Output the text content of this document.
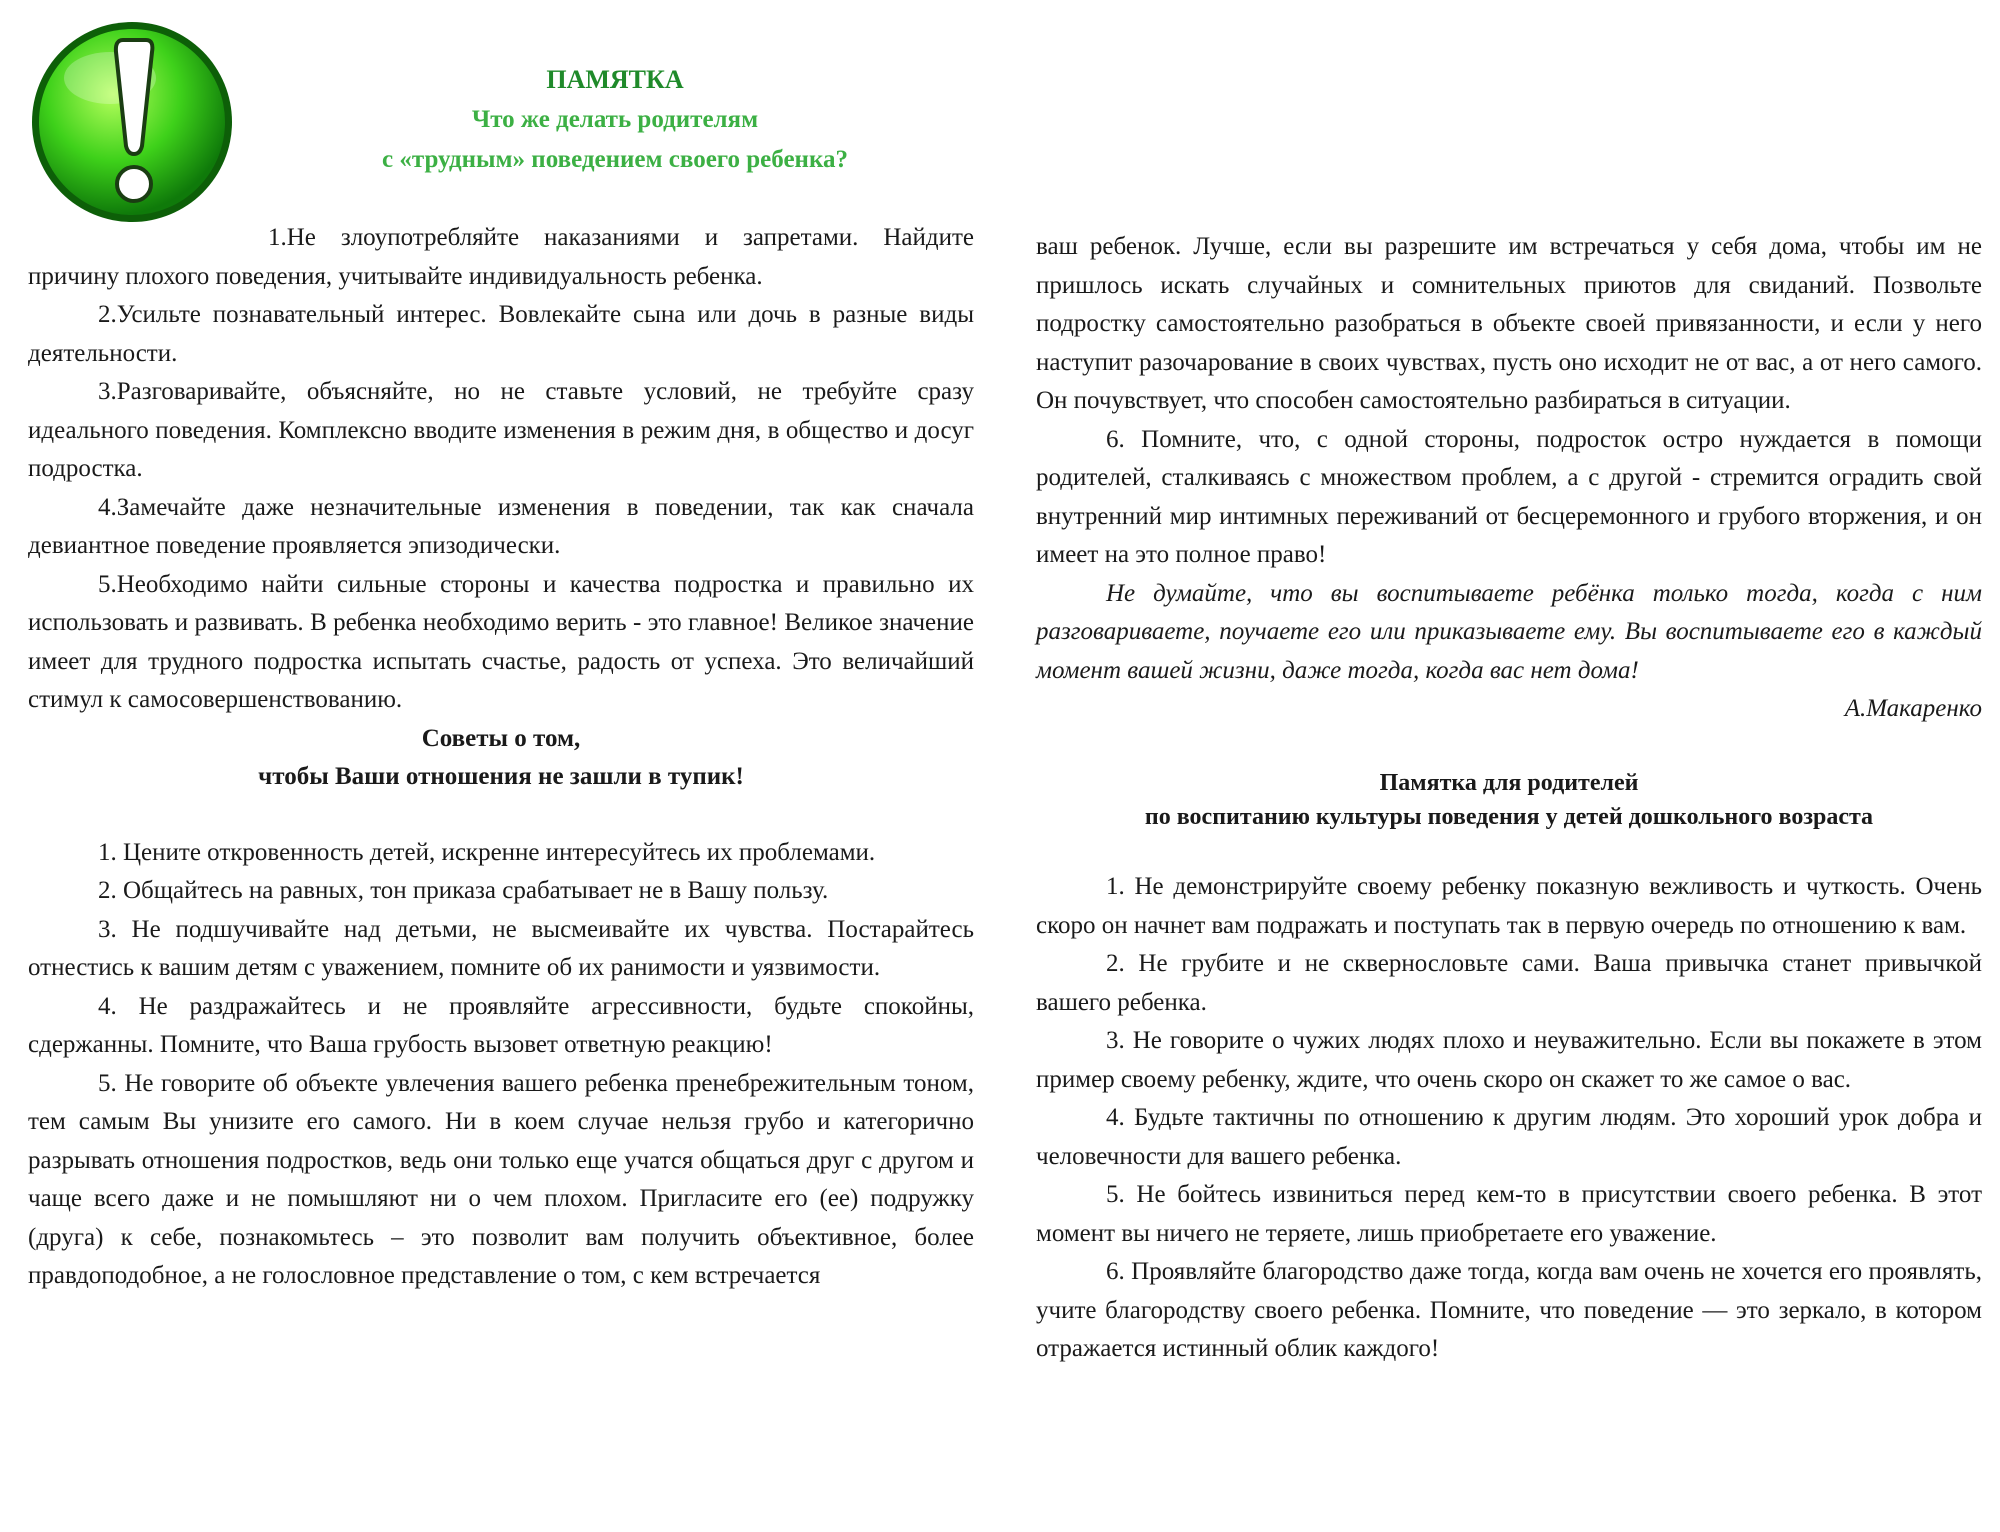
ПАМЯТКА
Что же делать родителям
с «трудным» поведением своего ребенка?

1.Не злоупотребляйте наказаниями и запретами. Найдите причину плохого поведения, учитывайте индивидуальность ребенка.

2.Усильте познавательный интерес. Вовлекайте сына или дочь в разные виды деятельности.

3.Разговаривайте, объясняйте, но не ставьте условий, не требуйте сразу идеального поведения. Комплексно вводите изменения в режим дня, в общество и досуг подростка.

4.Замечайте даже незначительные изменения в поведении, так как сначала девиантное поведение проявляется эпизодически.

5.Необходимо найти сильные стороны и качества подростка и правильно их использовать и развивать. В ребенка необходимо верить - это главное! Великое значение имеет для трудного подростка испытать счастье, радость от успеха. Это величайший стимул к самосовершенствованию.

Советы о том,

чтобы Ваши отношения не зашли в тупик!

1. Цените откровенность детей, искренне интересуйтесь их проблемами.

2. Общайтесь на равных, тон приказа срабатывает не в Вашу пользу.

3. Не подшучивайте над детьми, не высмеивайте их чувства. Постарайтесь отнестись к вашим детям с уважением, помните об их ранимости и уязвимости.

4. Не раздражайтесь и не проявляйте агрессивности, будьте спокойны, сдержанны. Помните, что Ваша грубость вызовет ответную реакцию!

5. Не говорите об объекте увлечения вашего ребенка пренебрежительным тоном, тем самым Вы унизите его самого. Ни в коем случае нельзя грубо и категорично разрывать отношения подростков, ведь они только еще учатся общаться друг с другом и чаще всего даже и не помышляют ни о чем плохом. Пригласите его (ее) подружку (друга) к себе, познакомьтесь – это позволит вам получить объективное, более правдоподобное, а не голословное представление о том, с кем встречается

ваш ребенок. Лучше, если вы разрешите им встречаться у себя дома, чтобы им не пришлось искать случайных и сомнительных приютов для свиданий. Позвольте подростку самостоятельно разобраться в объекте своей привязанности, и если у него наступит разочарование в своих чувствах, пусть оно исходит не от вас, а от него самого. Он почувствует, что способен самостоятельно разбираться в ситуации.

6. Помните, что, с одной стороны, подросток остро нуждается в помощи родителей, сталкиваясь с множеством проблем, а с другой - стремится оградить свой внутренний мир интимных переживаний от бесцеремонного и грубого вторжения, и он имеет на это полное право!

Не думайте, что вы воспитываете ребёнка только тогда, когда с ним разговариваете, поучаете его или приказываете ему. Вы воспитываете его в каждый момент вашей жизни, даже тогда, когда вас нет дома!

А.Макаренко

Памятка для родителей

по воспитанию культуры поведения у детей дошкольного возраста

1. Не демонстрируйте своему ребенку показную вежливость и чуткость. Очень скоро он начнет вам подражать и поступать так в первую очередь по отношению к вам.

2. Не грубите и не сквернословьте сами. Ваша привычка станет привычкой вашего ребенка.

3. Не говорите о чужих людях плохо и неуважительно. Если вы покажете в этом пример своему ребенку, ждите, что очень скоро он скажет то же самое о вас.

4. Будьте тактичны по отношению к другим людям. Это хороший урок добра и человечности для вашего ребенка.

5. Не бойтесь извиниться перед кем-то в присутствии своего ребенка. В этот момент вы ничего не теряете, лишь приобретаете его уважение.

6. Проявляйте благородство даже тогда, когда вам очень не хочется его проявлять, учите благородству своего ребенка. Помните, что поведение — это зеркало, в котором отражается истинный облик каждого!
